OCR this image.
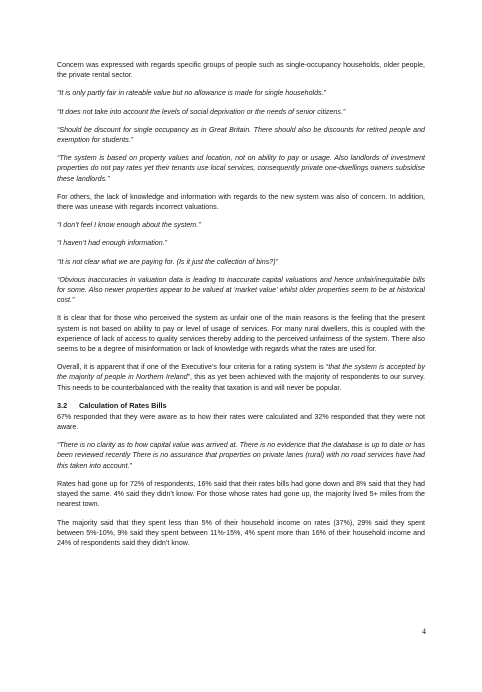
Concern was expressed with regards specific groups of people such as single-occupancy households, older people, the private rental sector.

“It is only partly fair in rateable value but no allowance is made for single households.”

“It does not take into account the levels of social deprivation or the needs of senior citizens.”

“Should be discount for single occupancy as in Great Britain. There should also be discounts for retired people and exemption for students.”

“The system is based on property values and location, not on ability to pay or usage. Also landlords of investment properties do not pay rates yet their tenants use local services, consequently private one-dwellings owners subsidise these landlords.”

For others, the lack of knowledge and information with regards to the new system was also of concern. In addition, there was unease with regards incorrect valuations.

“I don’t feel I know enough about the system.”

“I haven’t had enough information.”

“It is not clear what we are paying for. (Is it just the collection of bins?)”

“Obvious inaccuracies in valuation data is leading to inaccurate capital valuations and hence unfair/inequitable bills for some. Also newer properties appear to be valued at ‘market value’ whilst older properties seem to be at historical cost.”

It is clear that for those who perceived the system as unfair one of the main reasons is the feeling that the present system is not based on ability to pay or level of usage of services. For many rural dwellers, this is coupled with the experience of lack of access to quality services thereby adding to the perceived unfairness of the system. There also seems to be a degree of misinformation or lack of knowledge with regards what the rates are used for.

Overall, it is apparent that if one of the Executive’s four criteria for a rating system is “that the system is accepted by the majority of people in Northern Ireland”, this as yet been achieved with the majority of respondents to our survey. This needs to be counterbalanced with the reality that taxation is and will never be popular.

3.2 Calculation of Rates Bills

67% responded that they were aware as to how their rates were calculated and 32% responded that they were not aware.

“There is no clarity as to how capital value was arrived at. There is no evidence that the database is up to date or has been reviewed recently There is no assurance that properties on private lanes (rural) with no road services have had this taken into account.”

Rates had gone up for 72% of respondents, 16% said that their rates bills had gone down and 8% said that they had stayed the same. 4% said they didn’t know. For those whose rates had gone up, the majority lived 5+ miles from the nearest town.

The majority said that they spent less than 5% of their household income on rates (37%), 29% said they spent between 5%-10%, 9% said they spent between 11%-15%, 4% spent more than 16% of their household income and 24% of respondents said they didn’t know.

4
